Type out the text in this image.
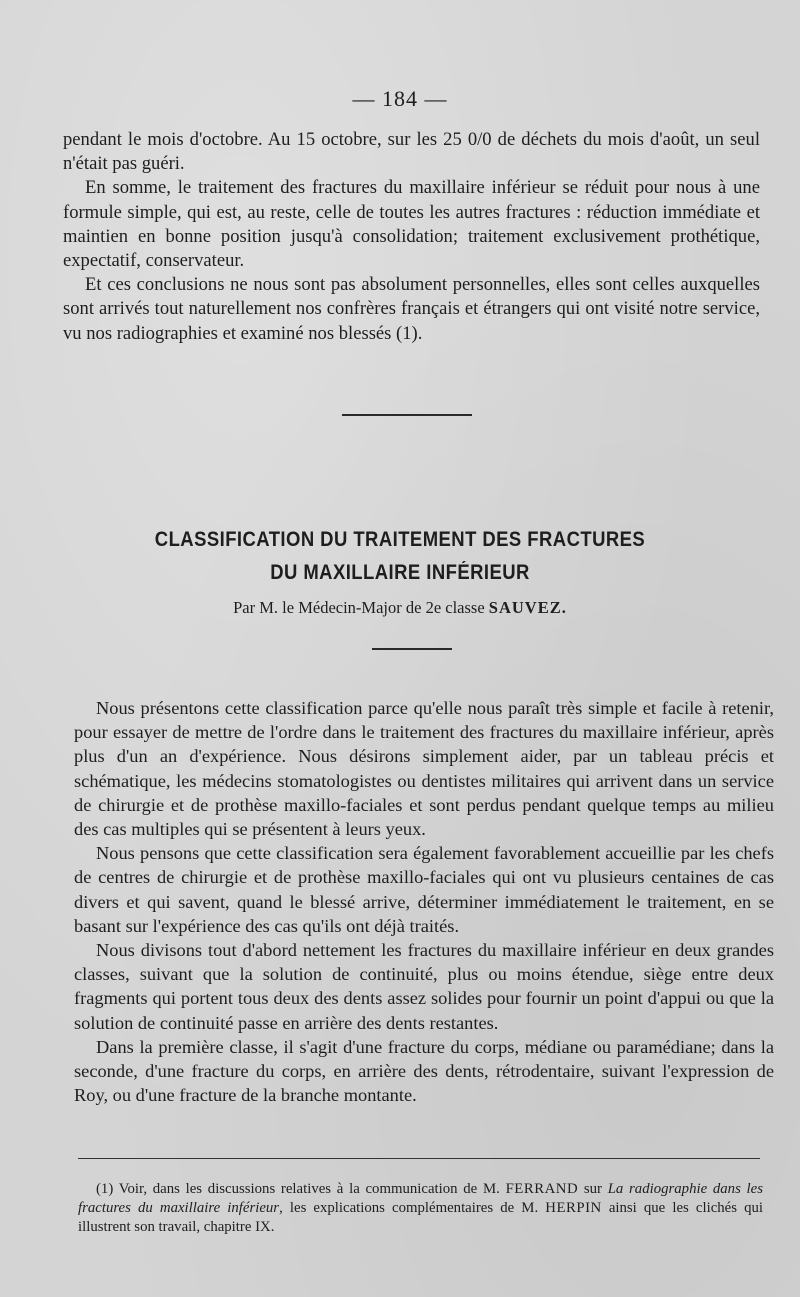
— 184 —

pendant le mois d'octobre. Au 15 octobre, sur les 25 0/0 de déchets du mois d'août, un seul n'était pas guéri.

En somme, le traitement des fractures du maxillaire inférieur se réduit pour nous à une formule simple, qui est, au reste, celle de toutes les autres fractures : réduction immédiate et maintien en bonne position jusqu'à consolidation; traitement exclusivement prothétique, expectatif, conservateur.

Et ces conclusions ne nous sont pas absolument personnelles, elles sont celles auxquelles sont arrivés tout naturellement nos confrères français et étrangers qui ont visité notre service, vu nos radiographies et examiné nos blessés (1).

CLASSIFICATION DU TRAITEMENT DES FRACTURES
DU MAXILLAIRE INFÉRIEUR
Par M. le Médecin-Major de 2e classe SAUVEZ.

Nous présentons cette classification parce qu'elle nous paraît très simple et facile à retenir, pour essayer de mettre de l'ordre dans le traitement des fractures du maxillaire inférieur, après plus d'un an d'expérience. Nous désirons simplement aider, par un tableau précis et schématique, les médecins stomatologistes ou dentistes militaires qui arrivent dans un service de chirurgie et de prothèse maxillo-faciales et sont perdus pendant quelque temps au milieu des cas multiples qui se présentent à leurs yeux.

Nous pensons que cette classification sera également favorablement accueillie par les chefs de centres de chirurgie et de prothèse maxillo-faciales qui ont vu plusieurs centaines de cas divers et qui savent, quand le blessé arrive, déterminer immédiatement le traitement, en se basant sur l'expérience des cas qu'ils ont déjà traités.

Nous divisons tout d'abord nettement les fractures du maxillaire inférieur en deux grandes classes, suivant que la solution de continuité, plus ou moins étendue, siège entre deux fragments qui portent tous deux des dents assez solides pour fournir un point d'appui ou que la solution de continuité passe en arrière des dents restantes.

Dans la première classe, il s'agit d'une fracture du corps, médiane ou paramédiane; dans la seconde, d'une fracture du corps, en arrière des dents, rétrodentaire, suivant l'expression de Roy, ou d'une fracture de la branche montante.

(1) Voir, dans les discussions relatives à la communication de M. FERRAND sur La radiographie dans les fractures du maxillaire inférieur, les explications complémentaires de M. HERPIN ainsi que les clichés qui illustrent son travail, chapitre IX.
